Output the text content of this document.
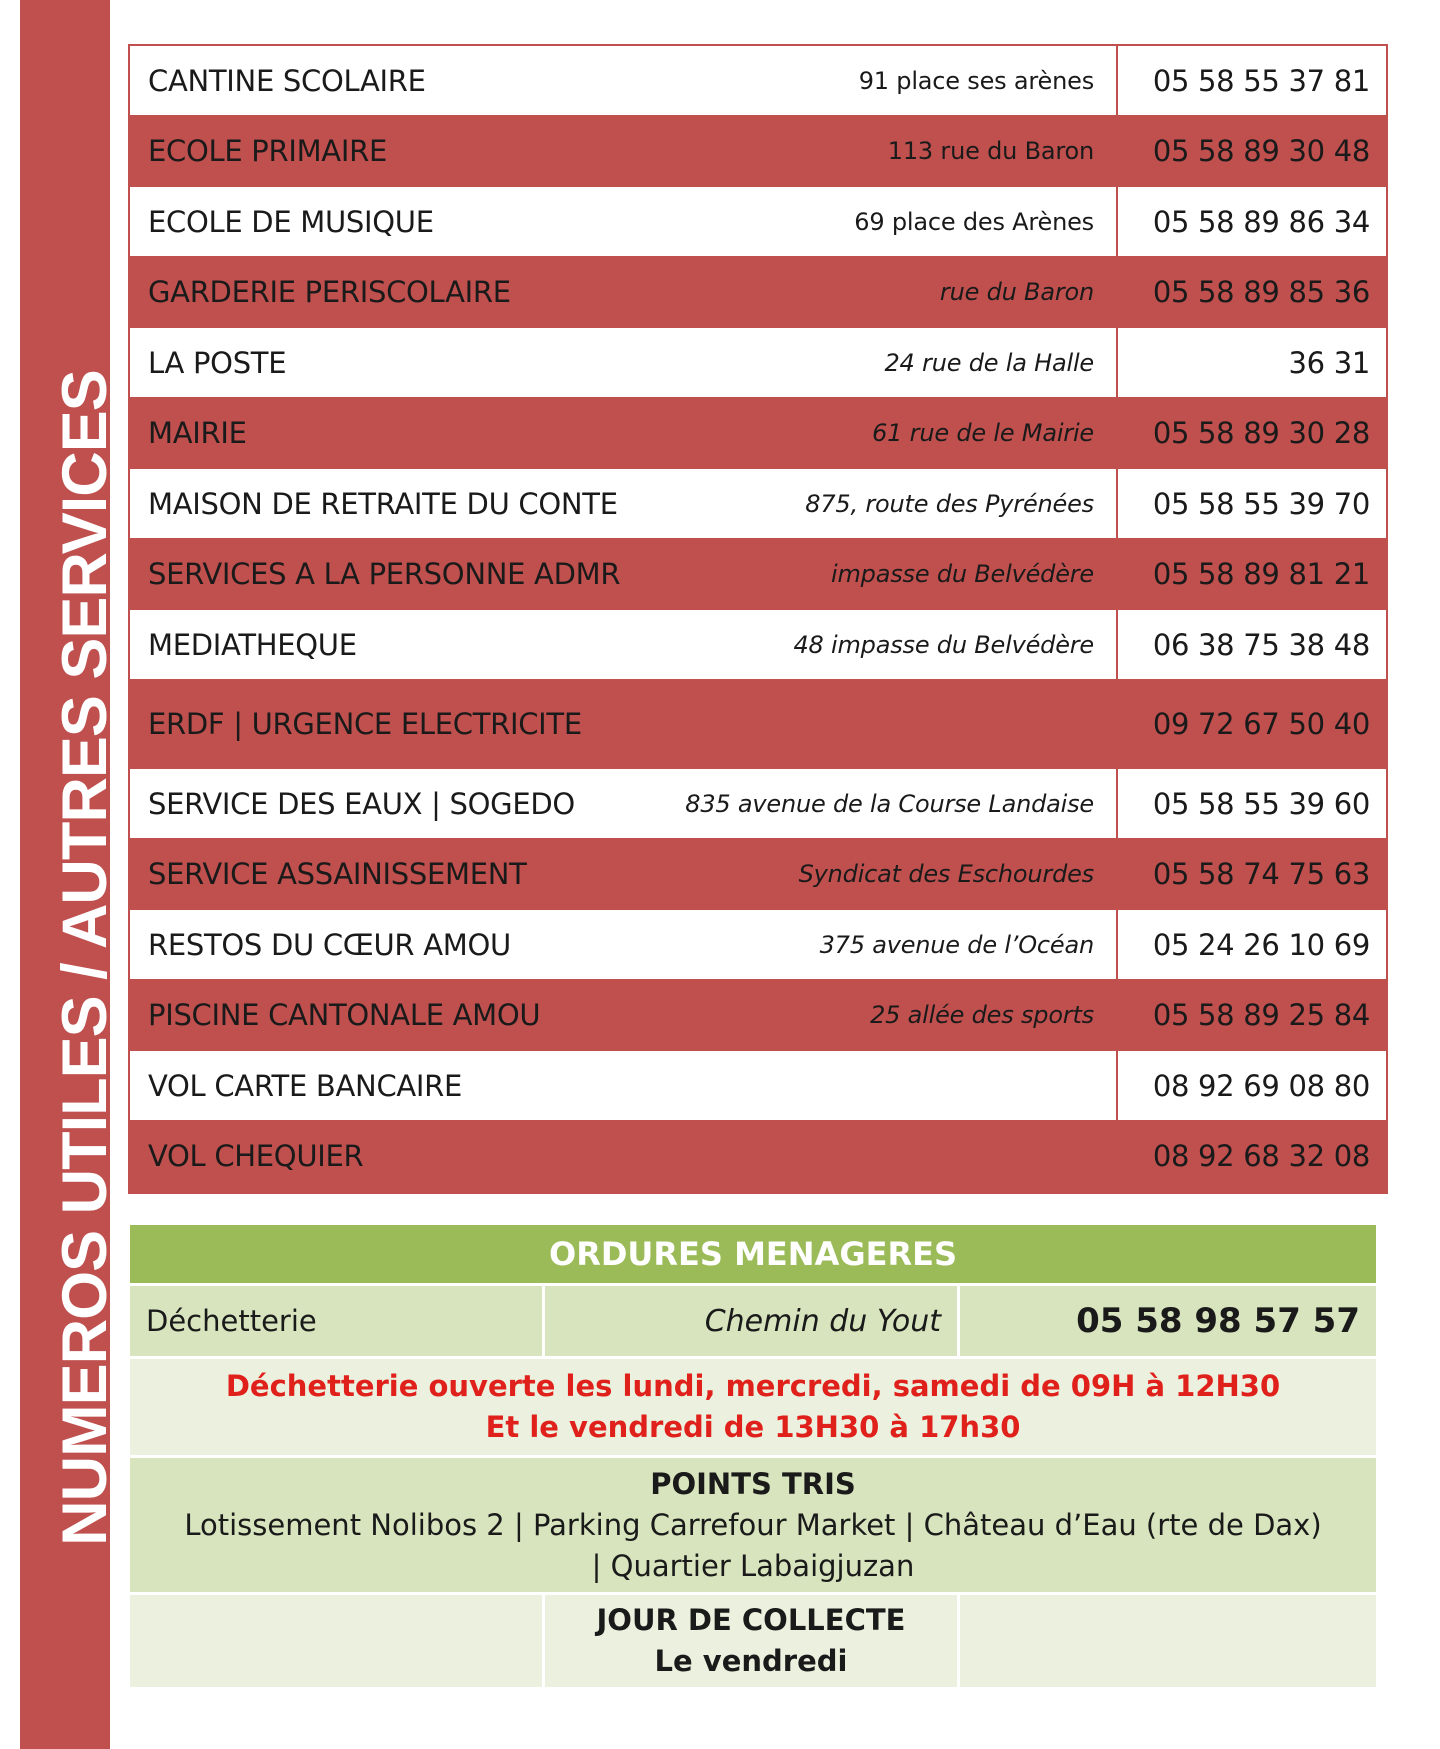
NUMEROS UTILES / AUTRES SERVICES
CANTINE SCOLAIRE	91 place ses arènes 05 58 55 37 81
ECOLE PRIMAIRE	113 rue du Baron 05 58 89 30 48
ECOLE DE MUSIQUE	69 place des Arènes 05 58 89 86 34
GARDERIE PERISCOLAIRE	rue du Baron 05 58 89 85 36
LA POSTE	24 rue de la Halle	36 31
MAIRIE	61 rue de le Mairie 05 58 89 30 28
MAISON DE RETRAITE DU CONTE	875, route des Pyrénées 05 58 55 39 70
SERVICES A LA PERSONNE ADMR	impasse du Belvédère 05 58 89 81 21
MEDIATHEQUE	48 impasse du Belvédère 06 38 75 38 48
ERDF | URGENCE ELECTRICITE	09 72 67 50 40
SERVICE DES EAUX | SOGEDO	835 avenue de la Course Landaise 05 58 55 39 60
SERVICE ASSAINISSEMENT	Syndicat des Eschourdes 05 58 74 75 63
RESTOS DU CŒUR AMOU	375 avenue de l’Océan 05 24 26 10 69
PISCINE CANTONALE AMOU	25 allée des sports 05 58 89 25 84
VOL CARTE BANCAIRE	08 92 69 08 80
VOL CHEQUIER	08 92 68 32 08
ORDURES MENAGERES
Déchetterie	Chemin du Yout	05 58 98 57 57
Déchetterie ouverte les lundi, mercredi, samedi de 09H à 12H30
Et le vendredi de 13H30 à 17h30
POINTS TRIS
Lotissement Nolibos 2 | Parking Carrefour Market | Château d’Eau (rte de Dax) | Quartier Labaigjuzan
JOUR DE COLLECTE
Le vendredi
